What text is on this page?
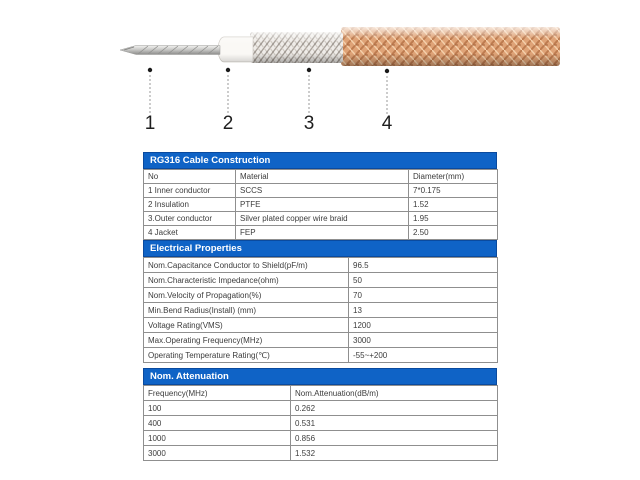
1	2	3	4
RG316 Cable Construction
No	Material	Diameter(mm)
1 Inner conductor	SCCS	7*0.175
2 Insulation	PTFE	1.52
3.Outer conductor	Silver plated copper wire braid	1.95
4 Jacket	FEP	2.50
Electrical Properties
Nom.Capacitance Conductor to Shield(pF/m)	96.5
Nom.Characteristic Impedance(ohm)	50
Nom.Velocity of Propagation(%)	70
Min.Bend Radius(Install) (mm)	13
Voltage Rating(VMS)	1200
Max.Operating Frequency(MHz)	3000
Operating Temperature Rating(℃)	-55~+200
Nom. Attenuation
Frequency(MHz)	Nom.Attenuation(dB/m)
100	0.262
400	0.531
1000	0.856
3000	1.532
